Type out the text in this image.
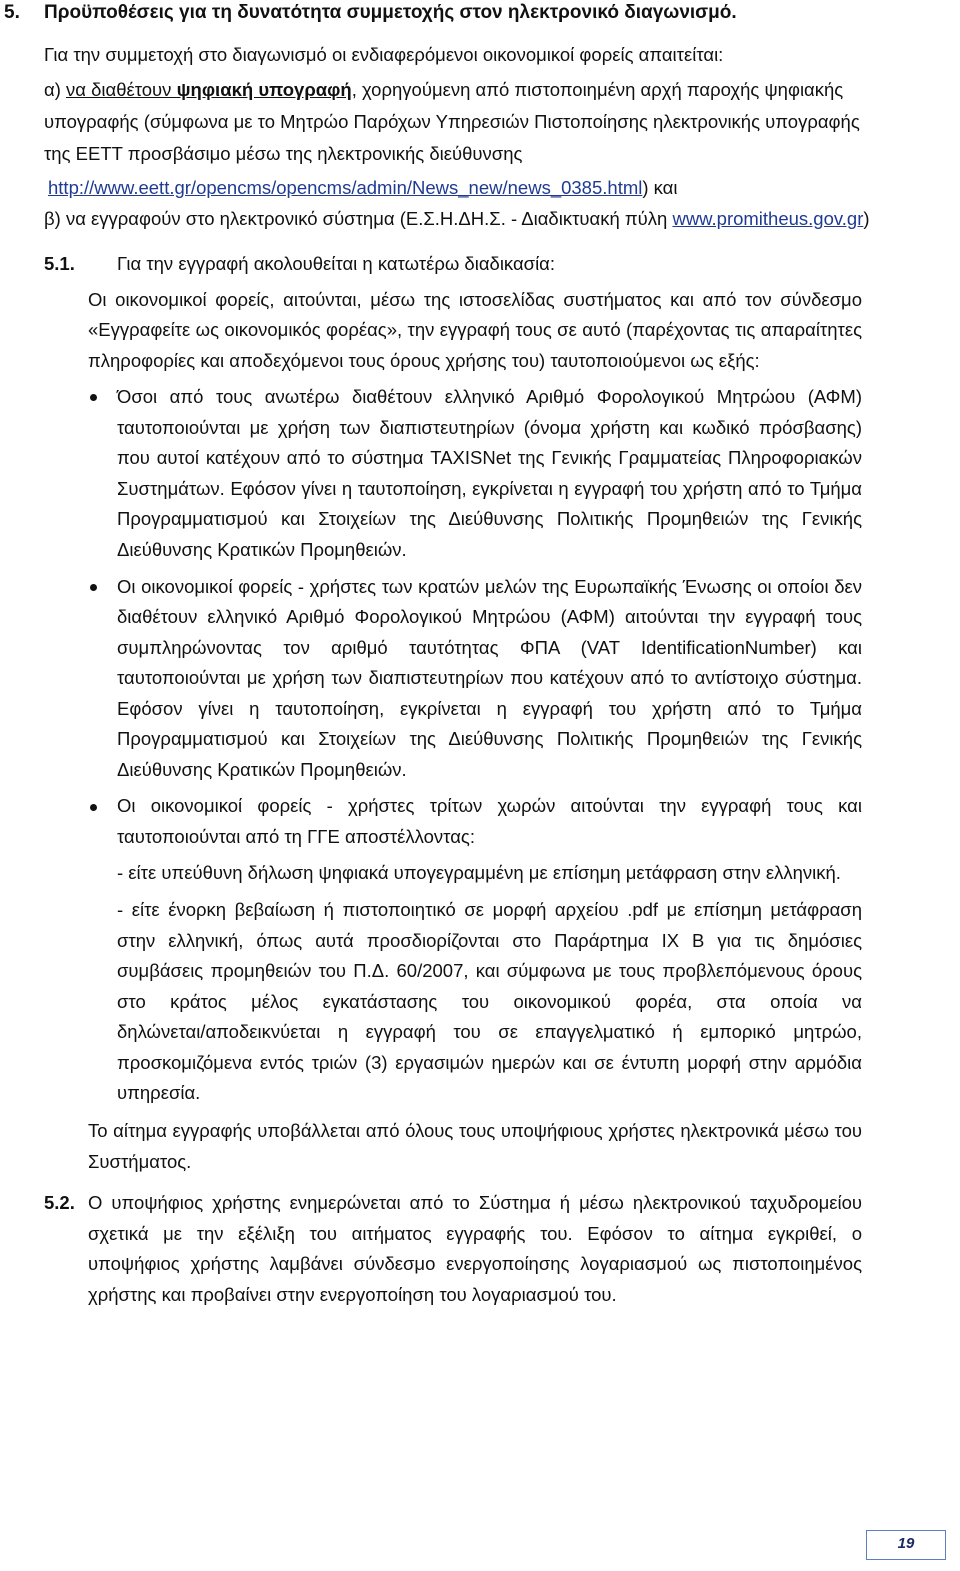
5. Προϋποθέσεις για τη δυνατότητα συμμετοχής στον ηλεκτρονικό διαγωνισμό.
Για την συμμετοχή στο διαγωνισμό οι ενδιαφερόμενοι οικονομικοί φορείς απαιτείται:
α) να διαθέτουν ψηφιακή υπογραφή, χορηγούμενη από πιστοποιημένη αρχή παροχής ψηφιακής
υπογραφής (σύμφωνα με το Μητρώο Παρόχων Υπηρεσιών Πιστοποίησης ηλεκτρονικής υπογραφής
της ΕΕΤΤ προσβάσιμο μέσω της ηλεκτρονικής διεύθυνσης
http://www.eett.gr/opencms/opencms/admin/News_new/news_0385.html) και
β) να εγγραφούν στο ηλεκτρονικό σύστημα (Ε.Σ.Η.ΔΗ.Σ. - Διαδικτυακή πύλη www.promitheus.gov.gr)
5.1. Για την εγγραφή ακολουθείται η κατωτέρω διαδικασία:
Οι οικονομικοί φορείς, αιτούνται, μέσω της ιστοσελίδας συστήματος και από τον σύνδεσμο
«Εγγραφείτε ως οικονομικός φορέας», την εγγραφή τους σε αυτό (παρέχοντας τις απαραίτητες
πληροφορίες και αποδεχόμενοι τους όρους χρήσης του) ταυτοποιούμενοι ως εξής:
Όσοι από τους ανωτέρω διαθέτουν ελληνικό Αριθμό Φορολογικού Μητρώου (ΑΦΜ)
ταυτοποιούνται με χρήση των διαπιστευτηρίων (όνομα χρήστη και κωδικό πρόσβασης)
που αυτοί κατέχουν από το σύστημα TAXISNet της Γενικής Γραμματείας Πληροφοριακών
Συστημάτων. Εφόσον γίνει η ταυτοποίηση, εγκρίνεται η εγγραφή του χρήστη από το Τμήμα
Προγραμματισμού και Στοιχείων της Διεύθυνσης Πολιτικής Προμηθειών της Γενικής
Διεύθυνσης Κρατικών Προμηθειών.
Οι οικονομικοί φορείς - χρήστες των κρατών μελών της Ευρωπαϊκής Ένωσης οι οποίοι δεν
διαθέτουν ελληνικό Αριθμό Φορολογικού Μητρώου (ΑΦΜ) αιτούνται την εγγραφή τους
συμπληρώνοντας τον αριθμό ταυτότητας ΦΠΑ (VAT IdentificationNumber) και
ταυτοποιούνται με χρήση των διαπιστευτηρίων που κατέχουν από το αντίστοιχο σύστημα.
Εφόσον γίνει η ταυτοποίηση, εγκρίνεται η εγγραφή του χρήστη από το Τμήμα
Προγραμματισμού και Στοιχείων της Διεύθυνσης Πολιτικής Προμηθειών της Γενικής
Διεύθυνσης Κρατικών Προμηθειών.
Οι οικονομικοί φορείς - χρήστες τρίτων χωρών αιτούνται την εγγραφή τους και
ταυτοποιούνται από τη ΓΓΕ αποστέλλοντας:
- είτε υπεύθυνη δήλωση ψηφιακά υπογεγραμμένη με επίσημη μετάφραση στην ελληνική.
- είτε ένορκη βεβαίωση ή πιστοποιητικό σε μορφή αρχείου .pdf με επίσημη μετάφραση
στην ελληνική, όπως αυτά προσδιορίζονται στο Παράρτημα ΙΧ Β για τις δημόσιες
συμβάσεις προμηθειών του Π.Δ. 60/2007, και σύμφωνα με τους προβλεπόμενους όρους
στο κράτος μέλος εγκατάστασης του οικονομικού φορέα, στα οποία να
δηλώνεται/αποδεικνύεται η εγγραφή του σε επαγγελματικό ή εμπορικό μητρώο,
προσκομιζόμενα εντός τριών (3) εργασιμών ημερών και σε έντυπη μορφή στην αρμόδια
υπηρεσία.
Το αίτημα εγγραφής υποβάλλεται από όλους τους υποψήφιους χρήστες ηλεκτρονικά μέσω του
Συστήματος.
5.2. Ο υποψήφιος χρήστης ενημερώνεται από το Σύστημα ή μέσω ηλεκτρονικού ταχυδρομείου
σχετικά με την εξέλιξη του αιτήματος εγγραφής του. Εφόσον το αίτημα εγκριθεί, ο
υποψήφιος χρήστης λαμβάνει σύνδεσμο ενεργοποίησης λογαριασμού ως πιστοποιημένος
χρήστης και προβαίνει στην ενεργοποίηση του λογαριασμού του.
19
